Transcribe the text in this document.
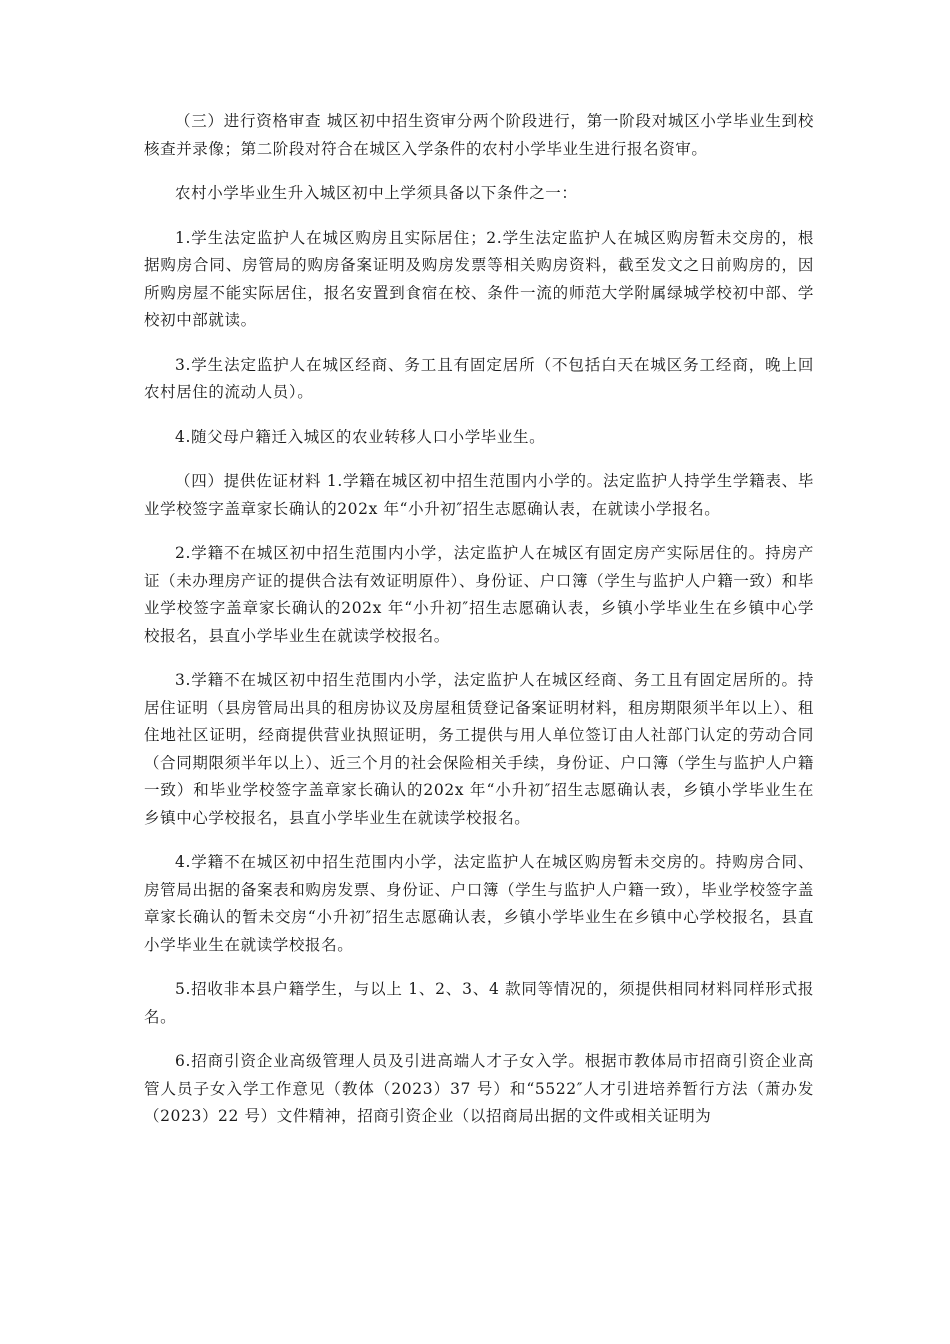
（三）进行资格审查 城区初中招生资审分两个阶段进行，第一阶段对城区小学毕业生到校核查并录像；第二阶段对符合在城区入学条件的农村小学毕业生进行报名资审。

农村小学毕业生升入城区初中上学须具备以下条件之一：

1.学生法定监护人在城区购房且实际居住；2.学生法定监护人在城区购房暂未交房的，根据购房合同、房管局的购房备案证明及购房发票等相关购房资料，截至发文之日前购房的，因所购房屋不能实际居住，报名安置到食宿在校、条件一流的师范大学附属绿城学校初中部、学校初中部就读。

3.学生法定监护人在城区经商、务工且有固定居所（不包括白天在城区务工经商，晚上回农村居住的流动人员）。

4.随父母户籍迁入城区的农业转移人口小学毕业生。

（四）提供佐证材料 1.学籍在城区初中招生范围内小学的。法定监护人持学生学籍表、毕业学校签字盖章家长确认的202x 年“小升初″招生志愿确认表，在就读小学报名。

2.学籍不在城区初中招生范围内小学，法定监护人在城区有固定房产实际居住的。持房产证（未办理房产证的提供合法有效证明原件）、身份证、户口簿（学生与监护人户籍一致）和毕业学校签字盖章家长确认的202x 年“小升初″招生志愿确认表，乡镇小学毕业生在乡镇中心学校报名，县直小学毕业生在就读学校报名。

3.学籍不在城区初中招生范围内小学，法定监护人在城区经商、务工且有固定居所的。持居住证明（县房管局出具的租房协议及房屋租赁登记备案证明材料，租房期限须半年以上）、租住地社区证明，经商提供营业执照证明，务工提供与用人单位签订由人社部门认定的劳动合同（合同期限须半年以上）、近三个月的社会保险相关手续，身份证、户口簿（学生与监护人户籍一致）和毕业学校签字盖章家长确认的202x 年“小升初″招生志愿确认表，乡镇小学毕业生在乡镇中心学校报名，县直小学毕业生在就读学校报名。

4.学籍不在城区初中招生范围内小学，法定监护人在城区购房暂未交房的。持购房合同、房管局出据的备案表和购房发票、身份证、户口簿（学生与监护人户籍一致），毕业学校签字盖章家长确认的暂未交房“小升初″招生志愿确认表，乡镇小学毕业生在乡镇中心学校报名，县直小学毕业生在就读学校报名。

5.招收非本县户籍学生，与以上 1、2、3、4 款同等情况的，须提供相同材料同样形式报名。

6.招商引资企业高级管理人员及引进高端人才子女入学。根据市教体局市招商引资企业高管人员子女入学工作意见（教体（2023）37 号）和“5522″人才引进培养暂行方法（萧办发（2023）22 号）文件精神，招商引资企业（以招商局出据的文件或相关证明为
